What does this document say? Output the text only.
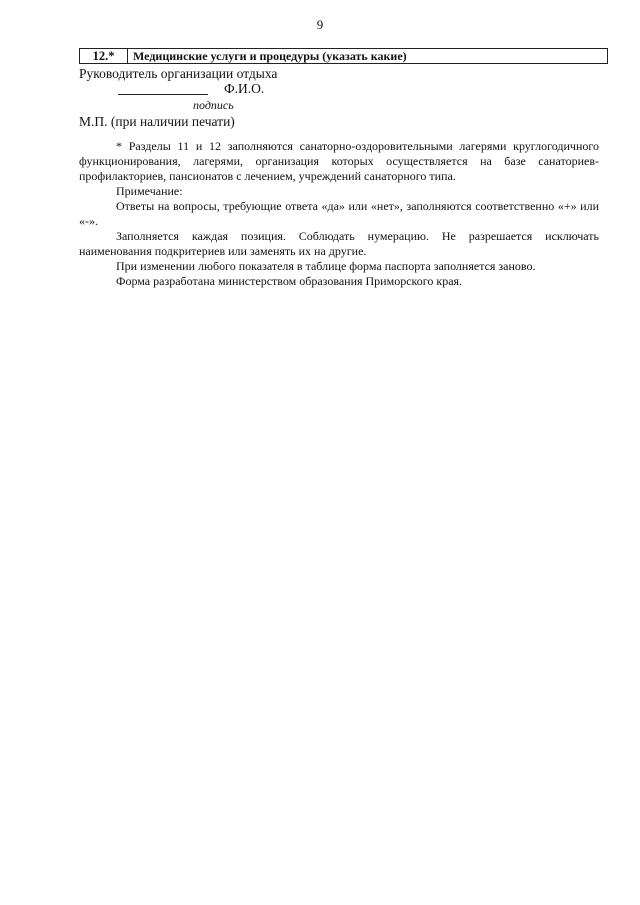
9
12.*	Медицинские услуги и процедуры (указать какие)
Руководитель организации отдыха
Ф.И.О.
подпись
М.П. (при наличии печати)

* Разделы 11 и 12 заполняются санаторно-оздоровительными лагерями круглогодичного функционирования, лагерями, организация которых осуществляется на базе санаториев-профилакториев, пансионатов с лечением, учреждений санаторного типа.

Примечание:

Ответы на вопросы, требующие ответа «да» или «нет», заполняются соответственно «+» или «-».

Заполняется каждая позиция. Соблюдать нумерацию. Не разрешается исключать наименования подкритериев или заменять их на другие.

При изменении любого показателя в таблице форма паспорта заполняется заново.

Форма разработана министерством образования Приморского края.
